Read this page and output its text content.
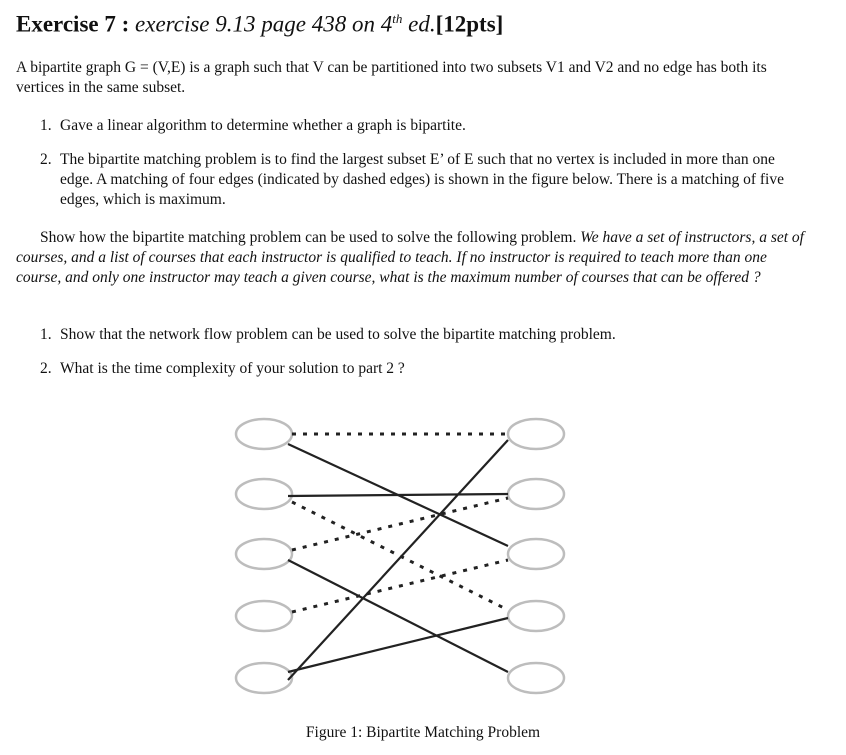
Exercise 7 : exercise 9.13 page 438 on 4th ed.[12pts]
A bipartite graph G = (V,E) is a graph such that V can be partitioned into two subsets V1 and V2 and no edge has both its vertices in the same subset.
1. Gave a linear algorithm to determine whether a graph is bipartite.
2. The bipartite matching problem is to find the largest subset E’ of E such that no vertex is included in more than one edge. A matching of four edges (indicated by dashed edges) is shown in the figure below. There is a matching of five edges, which is maximum.
Show how the bipartite matching problem can be used to solve the following problem. We have a set of instructors, a set of courses, and a list of courses that each instructor is qualified to teach. If no instructor is required to teach more than one course, and only one instructor may teach a given course, what is the maximum number of courses that can be offered ?
1. Show that the network flow problem can be used to solve the bipartite matching problem.
2. What is the time complexity of your solution to part 2 ?
Figure 1: Bipartite Matching Problem
